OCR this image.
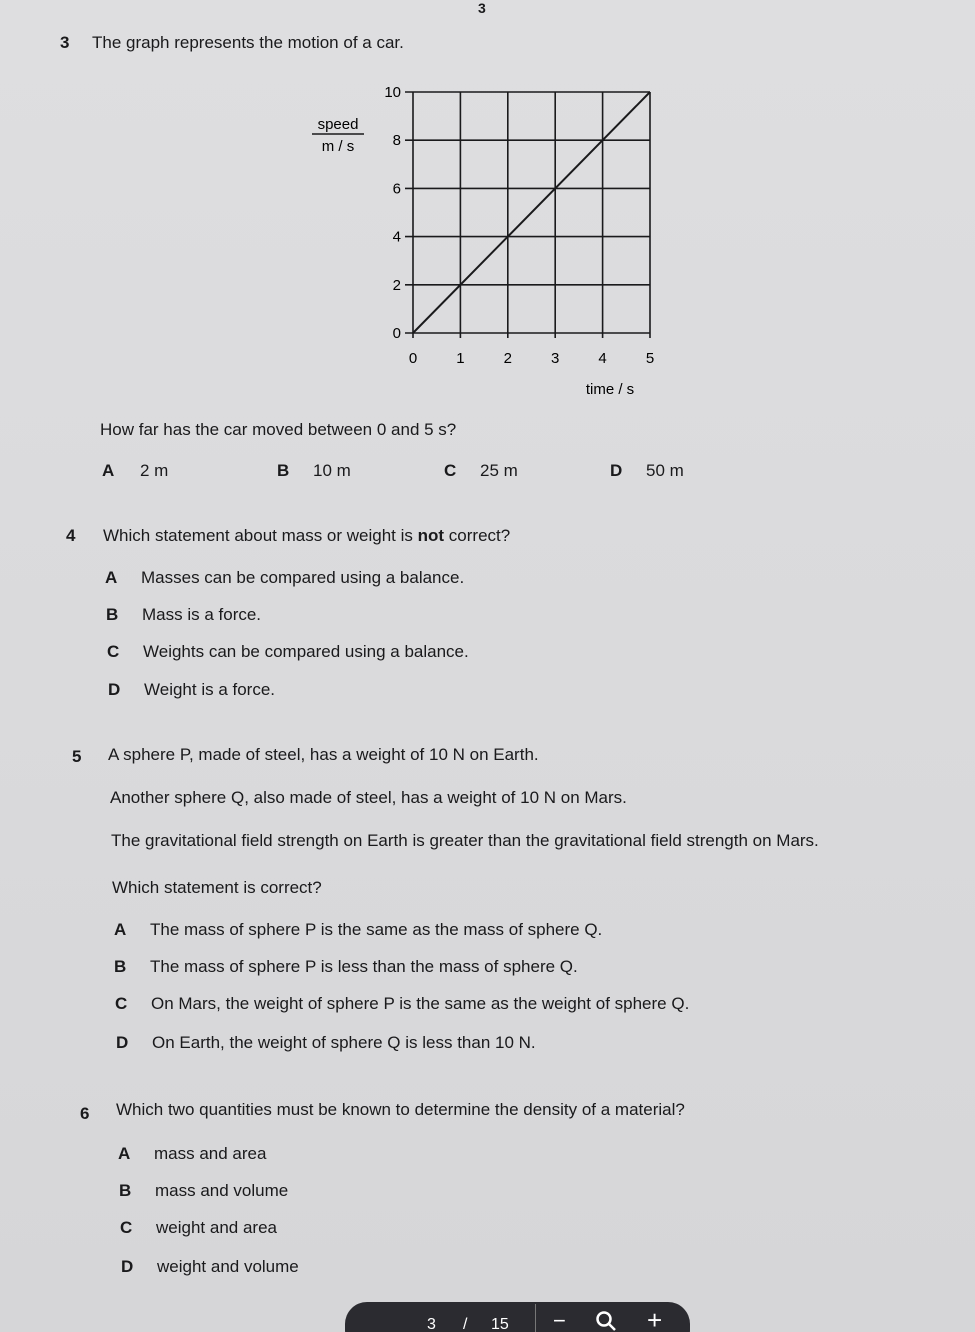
3
3 The graph represents the motion of a car.
0	1	2	3	4	5
0
2
4
6
8
10
speed
m / s
time / s
How far has the car moved between 0 and 5 s?
A 2 m	B 10 m	C 25 m	D 50 m
4 Which statement about mass or weight is not correct?
A Masses can be compared using a balance.
B Mass is a force.
C Weights can be compared using a balance.
D Weight is a force.
5 A sphere P, made of steel, has a weight of 10 N on Earth.
Another sphere Q, also made of steel, has a weight of 10 N on Mars.
The gravitational field strength on Earth is greater than the gravitational field strength on Mars.
Which statement is correct?
A The mass of sphere P is the same as the mass of sphere Q.
B The mass of sphere P is less than the mass of sphere Q.
C On Mars, the weight of sphere P is the same as the weight of sphere Q.
D On Earth, the weight of sphere Q is less than 10 N.
6 Which two quantities must be known to determine the density of a material?
A mass and area
B mass and volume
C weight and area
D weight and volume
3 / 15 −	+
